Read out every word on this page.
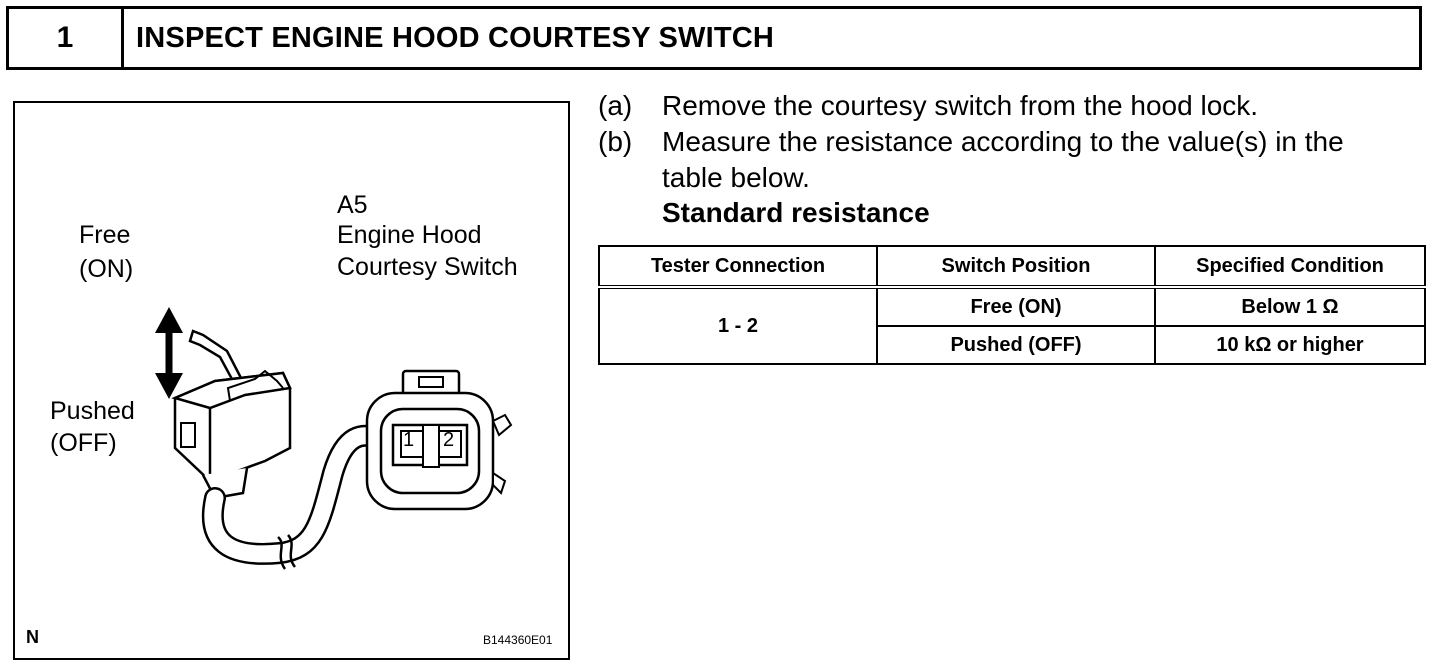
1	INSPECT ENGINE HOOD COURTESY SWITCH
Free
(ON)
Pushed
(OFF)
A5
Engine Hood
Courtesy Switch
1 2
N	B144360E01
(a)	Remove the courtesy switch from the hood lock.
(b)	Measure the resistance according to the value(s) in the table below.
Standard resistance
Tester Connection	Switch Position	Specified Condition
1 - 2	Free (ON)	Below 1 Ω
	Pushed (OFF)	10 kΩ or higher
